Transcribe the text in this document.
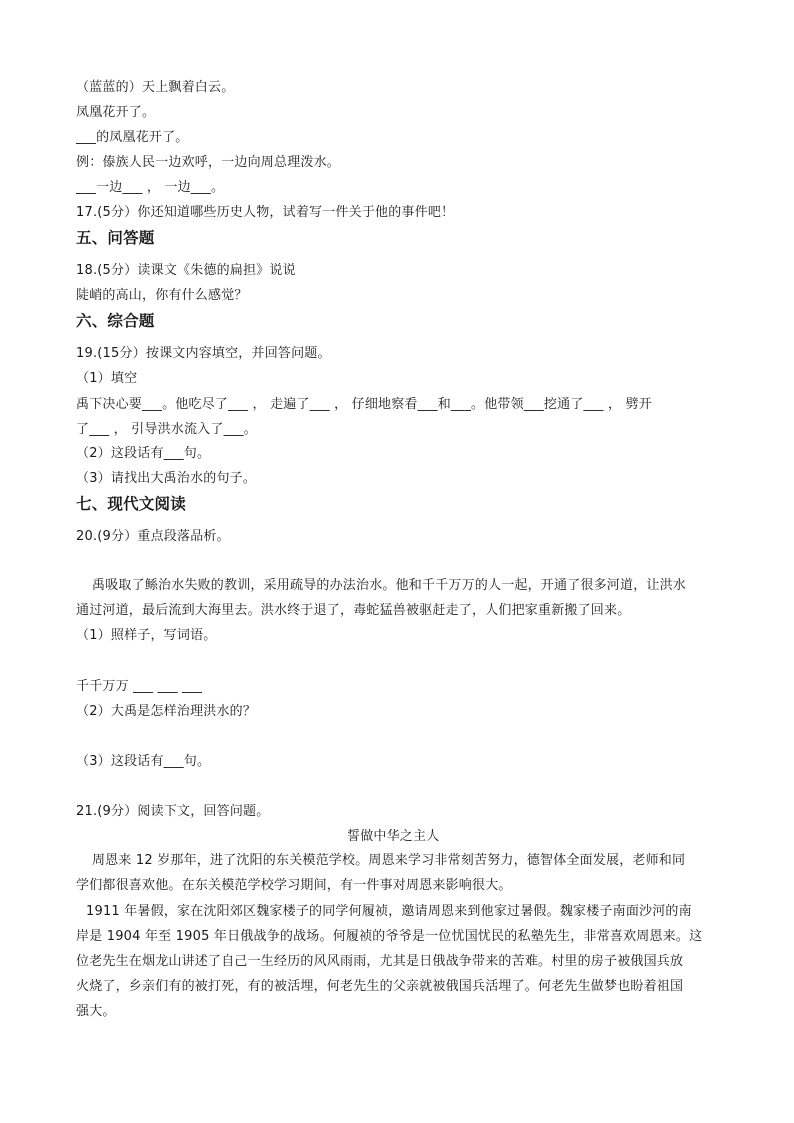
（蓝蓝的）天上飘着白云。
凤凰花开了。
___的凤凰花开了。
例：傣族人民一边欢呼，一边向周总理泼水。
___一边___ ， 一边___。
17.(5分）你还知道哪些历史人物，试着写一件关于他的事件吧！
五、问答题
18.(5分）读课文《朱德的扁担》说说
陡峭的高山，你有什么感觉？
六、综合题
19.(15分）按课文内容填空，并回答问题。
（1）填空
禹下决心要___。他吃尽了___ ， 走遍了___ ， 仔细地察看___和___。他带领___挖通了___ ， 劈开
了___ ， 引导洪水流入了___。
（2）这段话有___句。
（3）请找出大禹治水的句子。
七、现代文阅读
20.(9分）重点段落品析。
禹吸取了鲧治水失败的教训，采用疏导的办法治水。他和千千万万的人一起，开通了很多河道，让洪水
通过河道，最后流到大海里去。洪水终于退了，毒蛇猛兽被驱赶走了，人们把家重新搬了回来。
（1）照样子，写词语。
千千万万 ___ ___ ___
（2）大禹是怎样治理洪水的？
（3）这段话有___句。
21.(9分）阅读下文，回答问题。
誓做中华之主人
周恩来 12 岁那年，进了沈阳的东关模范学校。周恩来学习非常刻苦努力，德智体全面发展，老师和同
学们都很喜欢他。在东关模范学校学习期间，有一件事对周恩来影响很大。
1911 年暑假，家在沈阳郊区魏家楼子的同学何履祯，邀请周恩来到他家过暑假。魏家楼子南面沙河的南
岸是 1904 年至 1905 年日俄战争的战场。何履祯的爷爷是一位忧国忧民的私塾先生，非常喜欢周恩来。这
位老先生在烟龙山讲述了自己一生经历的风风雨雨，尤其是日俄战争带来的苦难。村里的房子被俄国兵放
火烧了，乡亲们有的被打死，有的被活埋，何老先生的父亲就被俄国兵活埋了。何老先生做梦也盼着祖国
强大。
